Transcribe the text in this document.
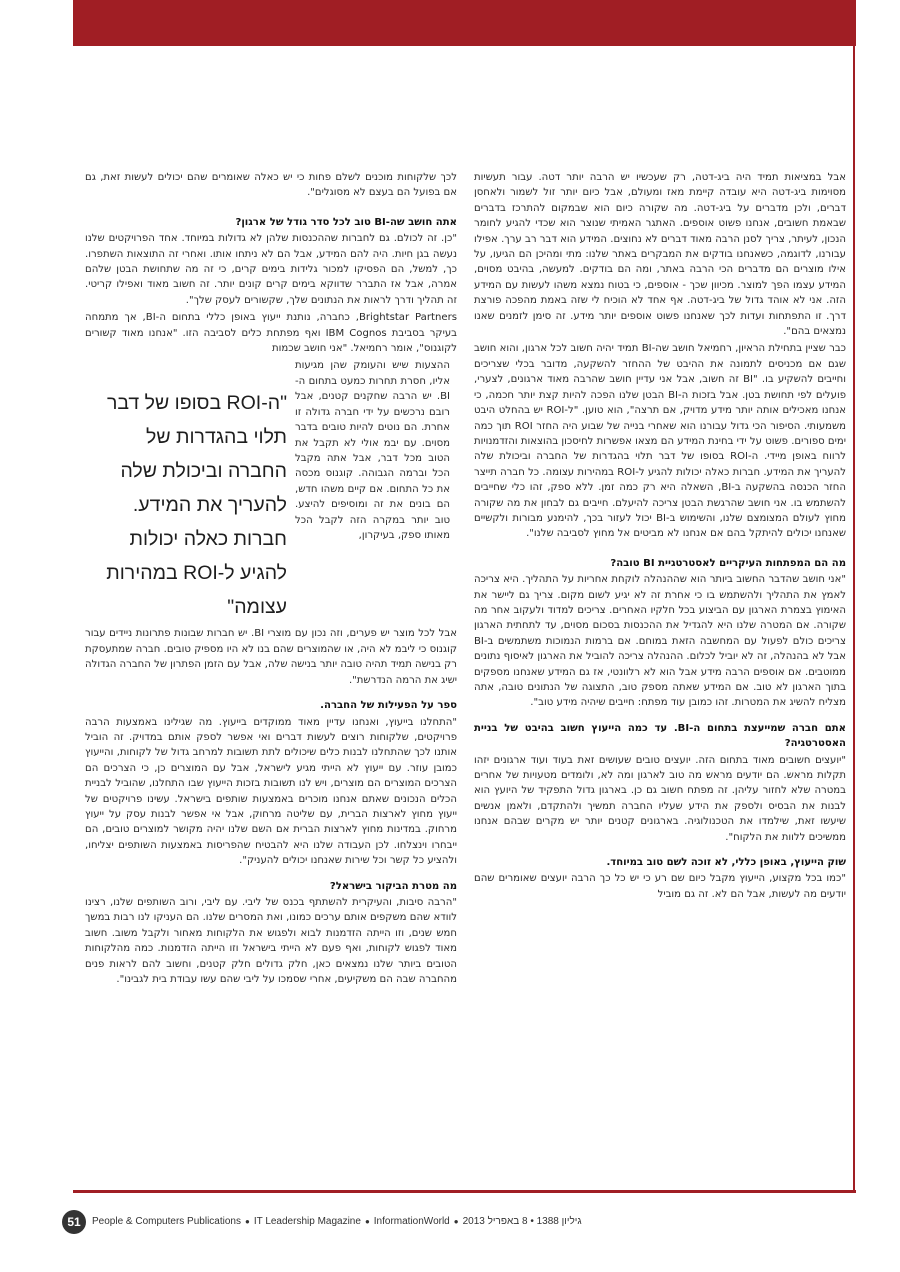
אבל במציאות תמיד היה ביג-דטה, רק שעכשיו יש הרבה יותר דטה. עבור תעשיות מסוימות ביג-דטה היא עובדה קיימת מאז ומעולם, אבל כיום יותר זול לשמור ולאחסן דברים, ולכן מדברים על ביג-דטה. מה שקורה כיום הוא שבמקום להתרכז בדברים שבאמת חשובים, אנחנו פשוט אוספים. האתגר האמיתי שנוצר הוא שכדי להגיע לחומר הנכון, לעיתר, צריך לסנן הרבה מאוד דברים לא נחוצים. המידע הוא דבר רב ערך. אפילו עבורנו, לדוגמה, כשאנחנו בודקים את המבקרים באתר שלנו: מתי ומהיכן הם הגיעו, על אילו מוצרים הם מדברים הכי הרבה באתר, ומה הם בודקים. למעשה, בהיבט מסוים, המידע עצמו הפך למוצר. מכיוון שכך - אוספים, כי בטוח נמצא משהו לעשות עם המידע הזה. אני לא אוהד גדול של ביג-דטה. אף אחד לא הוכיח לי שזה באמת מהפכה פורצת דרך. זו התפתחות ועדות לכך שאנחנו פשוט אוספים יותר מידע. זה סימן לזמנים שאנו נמצאים בהם".

כבר שציין בתחילת הראיון, רחמיאל חושב שה-BI תמיד יהיה חשוב לכל ארגון, והוא חושב שגם אם מכניסים לתמונה את ההיבט של ההחזר להשקעה, מדובר בכלי שצריכים וחייבים להשקיע בו. "BI זה חשוב, אבל אני עדיין חושב שהרבה מאוד ארגונים, לצערי, פועלים לפי תחושת בטן. אבל בזכות ה-BI הבטן שלנו הפכה להיות קצת יותר חכמה, כי אנחנו מאכילים אותה יותר מידע מדויק, אם תרצה", הוא טוען. "ל-ROI יש בהחלט היבט משמעותי. הסיפור הכי גדול עבורנו הוא שאחרי בנייה של שבוע היה החזר ROI תוך כמה ימים ספורים. פשוט על ידי בחינת המידע הם מצאו אפשרות לחיסכון בהוצאות והזדמנויות לרווח באופן מיידי. ה-ROI בסופו של דבר תלוי בהגדרות של החברה וביכולת שלה להעריך את המידע. חברות כאלה יכולות להגיע ל-ROI במהירות עצומה. כל חברה תייצר החזר הכנסה בהשקעה ב-BI, השאלה היא רק כמה זמן. ללא ספק, זהו כלי שחייבים להשתמש בו. אני חושב שהרגשת הבטן צריכה להיעלם. חייבים גם לבחון את מה שקורה מחוץ לעולם המצומצם שלנו, והשימוש ב-BI יכול לעזור בכך, להימנע מבורות ולקשיים שאנחנו יכולים להיתקל בהם אם אנחנו לא מביטים אל מחוץ לסביבה שלנו".

מה הם המפתחות העיקריים לאסטרטגיית BI טובה?

"אני חושב שהדבר החשוב ביותר הוא שההנהלה לוקחת אחריות על התהליך. היא צריכה לאמץ את התהליך ולהשתמש בו כי אחרת זה לא יגיע לשום מקום. צריך גם ליישר את האימוץ בצמרת הארגון עם הביצוע בכל חלקיו האחרים. צריכים למדוד ולעקוב אחר מה שקורה. אם המטרה שלנו היא להגדיל את ההכנסות בסכום מסוים, עד לתחתית הארגון צריכים כולם לפעול עם המחשבה הזאת במוחם. אם ברמות הנמוכות משתמשים ב-BI אבל לא בהנהלה, זה לא יוביל לכלום. ההנהלה צריכה להוביל את הארגון לאיסוף נתונים ממוטבים. אם אוספים הרבה מידע אבל הוא לא רלוונטי, אז גם המידע שאנחנו מספקים בתוך הארגון לא טוב. אם המידע שאתה מספק טוב, התצוגה של הנתונים טובה, אתה מצליח להשיג את המטרות. זהו כמובן עוד מפתח: חייבים שיהיה מידע טוב".

אתם חברה שמייעצת בתחום ה-BI. עד כמה הייעוץ חשוב בהיבט של בניית האסטרטגיה?

"יועצים חשובים מאוד בתחום הזה. יועצים טובים שעושים זאת בעוד ועוד ארגונים יזהו תקלות מראש. הם יודעים מראש מה טוב לארגון ומה לא, ולומדים מטעויות של אחרים במטרה שלא לחזור עליהן. זה מפתח חשוב גם כן. בארגון גדול התפקיד של היועץ הוא לבנות את הבסיס ולספק את הידע שעליו החברה תמשיך ולהתקדם, ולאמן אנשים שיעשו זאת, שילמדו את הטכנולוגיה. בארגונים קטנים יותר יש מקרים שבהם אנחנו ממשיכים ללוות את הלקוח".

שוק הייעוץ, באופן כללי, לא זוכה לשם טוב במיוחד.

"כמו בכל מקצוע, הייעוץ מקבל כיום שם רע כי יש כל כך הרבה יועצים שאומרים שהם יודעים מה לעשות, אבל הם לא. זה גם מוביל

לכך שלקוחות מוכנים לשלם פחות כי יש כאלה שאומרים שהם יכולים לעשות זאת, גם אם בפועל הם בעצם לא מסוגלים".

אתה חושב שה-BI טוב לכל סדר גודל של ארגון?

"כן. זה לכולם. גם לחברות שההכנסות שלהן לא גדולות במיוחד. אחד הפרויקטים שלנו נעשה בגן חיות. היה להם המידע, אבל הם לא ניתחו אותו. ואחרי זה התוצאות השתפרו. כך, למשל, הם הפסיקו למכור גלידות בימים קרים, כי זה מה שתחושת הבטן שלהם אמרה, אבל אז התברר שדווקא בימים קרים קונים יותר. זה חשוב מאוד ואפילו קריטי. זה תהליך ודרך לראות את הנתונים שלך, שקשורים לעסק שלך".

Brightstar Partners, כחברה, נותנת ייעוץ באופן כללי בתחום ה-BI, אך מתמחה בעיקר בסביבת IBM Cognos ואף מפתחת כלים לסביבה הזו. "אנחנו מאוד קשורים לקוגנוס", אומר רחמיאל. "אני חושב שכמות

"ה-ROI בסופו של דבר תלוי בהגדרות של החברה וביכולת שלה להעריך את המידע. חברות כאלה יכולות להגיע ל-ROI במהירות עצומה"
ההצעות שיש והעומק שהן מגיעות אליו, חסרת תחרות כמעט בתחום ה-BI. יש הרבה שחקנים קטנים, אבל רובם נרכשים על ידי חברה גדולה זו אחרת. הם נוטים להיות טובים בדבר מסוים. עם יבמ אולי לא תקבל את הטוב מכל דבר, אבל אתה מקבל הכל וברמה הגבוהה. קוגנוס מכסה את כל התחום. אם קיים משהו חדש, הם בונים את זה ומוסיפים להיצע. טוב יותר במקרה הזה לקבל הכל מאותו ספק, בעיקרון,

אבל לכל מוצר יש פערים, וזה נכון עם מוצרי BI. יש חברות שבונות פתרונות ניידים עבור קוגנוס כי ליבמ לא היה, או שהמוצרים שהם בנו לא היו מספיק טובים. חברה שמתעסקת רק בנישה תמיד תהיה טובה יותר בנישה שלה, אבל עם הזמן הפתרון של החברה הגדולה ישיג את הרמה הנדרשת".

ספר על הפעילות של החברה.

"התחלנו בייעוץ, ואנחנו עדיין מאוד ממוקדים בייעוץ. מה שגילינו באמצעות הרבה פרויקטים, שלקוחות רוצים לעשות דברים ואי אפשר לספק אותם במדויק. זה הוביל אותנו לכך שהתחלנו לבנות כלים שיכולים לתת תשובות למרחב גדול של לקוחות, והייעוץ כמובן עוזר. עם ייעוץ לא הייתי מגיע לישראל, אבל עם המוצרים כן, כי הצרכים הם הצרכים המוצרים הם מוצרים, ויש לנו תשובות בזכות הייעוץ שבו התחלנו, שהוביל לבניית הכלים הנכונים שאתם אנחנו מוכרים באמצעות שותפים בישראל. עשינו פרויקטים של ייעוץ מחוץ לארצות הברית, עם שליטה מרחוק, אבל אי אפשר לבנות עסק על ייעוץ מרחוק. במדינות מחוץ לארצות הברית אם השם שלנו יהיה מקושר למוצרים טובים, הם ייבחרו וינצלחו. לכן העבודה שלנו היא להבטיח שהפריסות באמצעות השותפים יצליחו, ולהציע כל קשר וכל שירות שאנחנו יכולים להעניק".

מה מטרת הביקור בישראל?

"הרבה סיבות, והעיקרית להשתתף בכנס של ליבי. עם ליבי, ורוב השותפים שלנו, רצינו לוודא שהם משקפים אותם ערכים כמונו, ואת המסרים שלנו. הם העניקו לנו רבות במשך חמש שנים, וזו הייתה הזדמנות לבוא ולפגוש את הלקוחות מאחור ולקבל משוב. חשוב מאוד לפגוש לקוחות, ואף פעם לא הייתי בישראל וזו הייתה הזדמנות. כמה מהלקוחות הטובים ביותר שלנו נמצאים כאן, חלק גדולים חלק קטנים, וחשוב להם לראות פנים מהחברה שבה הם משקיעים, אחרי שסמכו על ליבי שהם עשו עבודת בית לגבינו".

51	People & Computers Publications ● IT Leadership Magazine ● InformationWorld ● גיליון 1388 • 8 באפריל 2013
